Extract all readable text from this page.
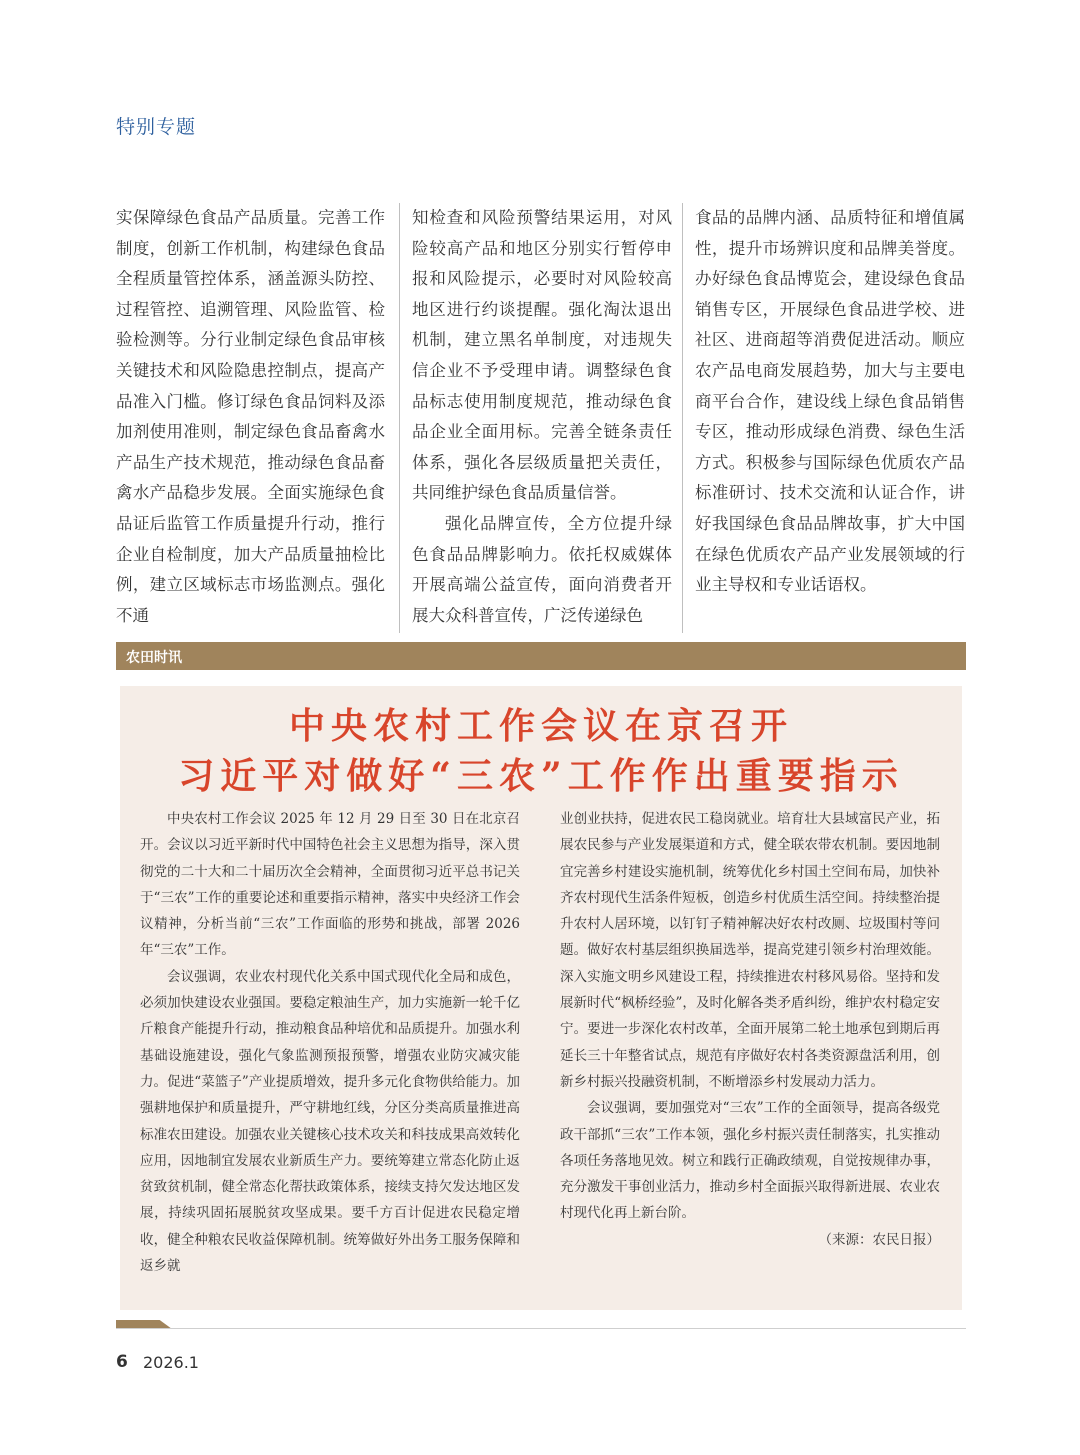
特别专题

实保障绿色食品产品质量。完善工作制度，创新工作机制，构建绿色食品全程质量管控体系，涵盖源头防控、过程管控、追溯管理、风险监管、检验检测等。分行业制定绿色食品审核关键技术和风险隐患控制点，提高产品准入门槛。修订绿色食品饲料及添加剂使用准则，制定绿色食品畜禽水产品生产技术规范，推动绿色食品畜禽水产品稳步发展。全面实施绿色食品证后监管工作质量提升行动，推行企业自检制度，加大产品质量抽检比例，建立区域标志市场监测点。强化不通

知检查和风险预警结果运用，对风险较高产品和地区分别实行暂停申报和风险提示，必要时对风险较高地区进行约谈提醒。强化淘汰退出机制，建立黑名单制度，对违规失信企业不予受理申请。调整绿色食品标志使用制度规范，推动绿色食品企业全面用标。完善全链条责任体系，强化各层级质量把关责任，共同维护绿色食品质量信誉。

强化品牌宣传，全方位提升绿色食品品牌影响力。依托权威媒体开展高端公益宣传，面向消费者开展大众科普宣传，广泛传递绿色

食品的品牌内涵、品质特征和增值属性，提升市场辨识度和品牌美誉度。办好绿色食品博览会，建设绿色食品销售专区，开展绿色食品进学校、进社区、进商超等消费促进活动。顺应农产品电商发展趋势，加大与主要电商平台合作，建设线上绿色食品销售专区，推动形成绿色消费、绿色生活方式。积极参与国际绿色优质农产品标准研讨、技术交流和认证合作，讲好我国绿色食品品牌故事，扩大中国在绿色优质农产品产业发展领域的行业主导权和专业话语权。

农田时讯
中央农村工作会议在京召开
习近平对做好“三农”工作作出重要指示

中央农村工作会议 2025 年 12 月 29 日至 30 日在北京召开。会议以习近平新时代中国特色社会主义思想为指导，深入贯彻党的二十大和二十届历次全会精神，全面贯彻习近平总书记关于“三农”工作的重要论述和重要指示精神，落实中央经济工作会议精神，分析当前“三农”工作面临的形势和挑战，部署 2026 年“三农”工作。

会议强调，农业农村现代化关系中国式现代化全局和成色，必须加快建设农业强国。要稳定粮油生产，加力实施新一轮千亿斤粮食产能提升行动，推动粮食品种培优和品质提升。加强水利基础设施建设，强化气象监测预报预警，增强农业防灾减灾能力。促进“菜篮子”产业提质增效，提升多元化食物供给能力。加强耕地保护和质量提升，严守耕地红线，分区分类高质量推进高标准农田建设。加强农业关键核心技术攻关和科技成果高效转化应用，因地制宜发展农业新质生产力。要统筹建立常态化防止返贫致贫机制，健全常态化帮扶政策体系，接续支持欠发达地区发展，持续巩固拓展脱贫攻坚成果。要千方百计促进农民稳定增收，健全种粮农民收益保障机制。统筹做好外出务工服务保障和返乡就

业创业扶持，促进农民工稳岗就业。培育壮大县域富民产业，拓展农民参与产业发展渠道和方式，健全联农带农机制。要因地制宜完善乡村建设实施机制，统筹优化乡村国土空间布局，加快补齐农村现代生活条件短板，创造乡村优质生活空间。持续整治提升农村人居环境，以钉钉子精神解决好农村改厕、垃圾围村等问题。做好农村基层组织换届选举，提高党建引领乡村治理效能。深入实施文明乡风建设工程，持续推进农村移风易俗。坚持和发展新时代“枫桥经验”，及时化解各类矛盾纠纷，维护农村稳定安宁。要进一步深化农村改革，全面开展第二轮土地承包到期后再延长三十年整省试点，规范有序做好农村各类资源盘活利用，创新乡村振兴投融资机制，不断增添乡村发展动力活力。

会议强调，要加强党对“三农”工作的全面领导，提高各级党政干部抓“三农”工作本领，强化乡村振兴责任制落实，扎实推动各项任务落地见效。树立和践行正确政绩观，自觉按规律办事，充分激发干事创业活力，推动乡村全面振兴取得新进展、农业农村现代化再上新台阶。

（来源：农民日报）

6 2026.1
